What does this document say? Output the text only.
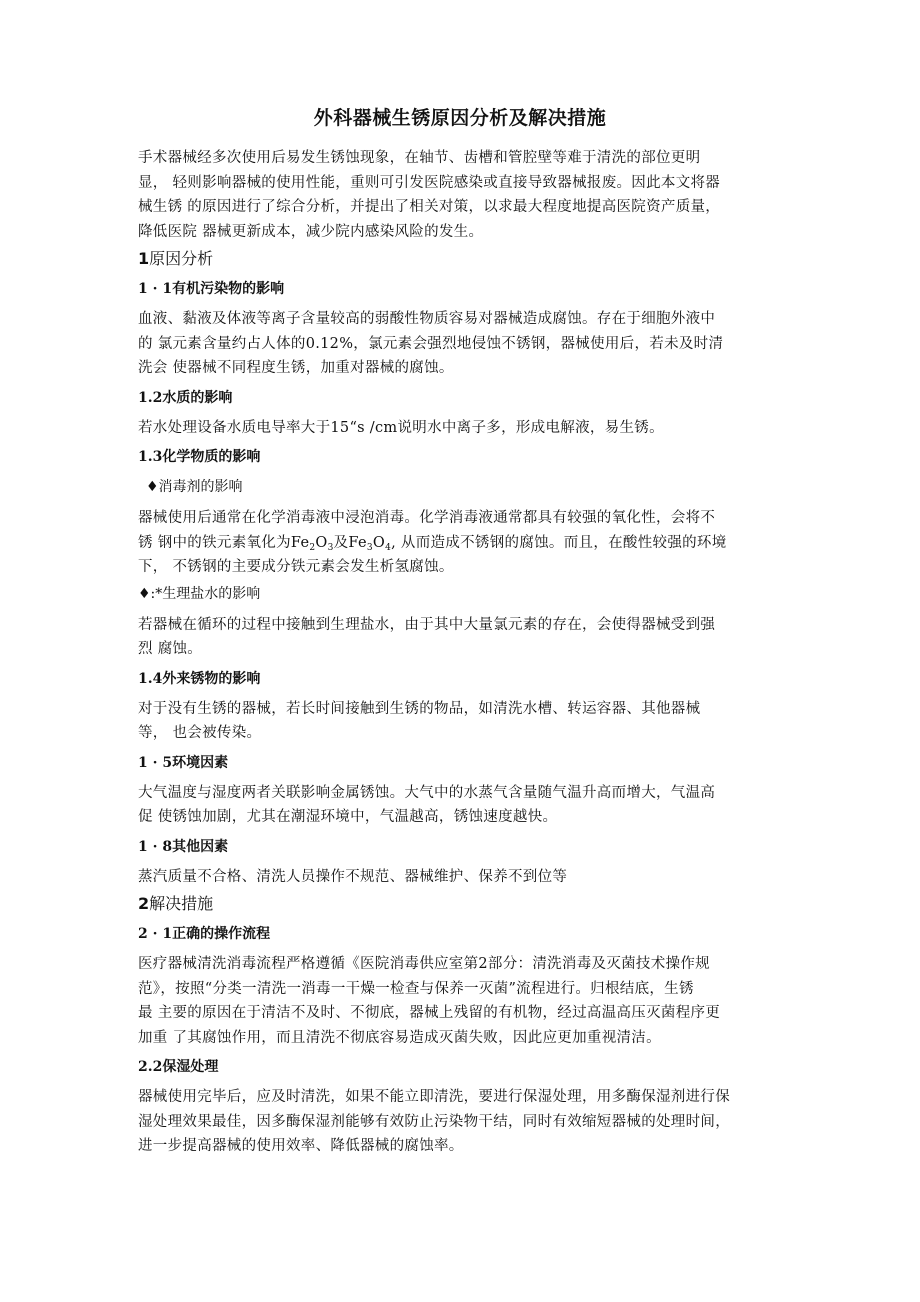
外科器械生锈原因分析及解决措施

手术器械经多次使用后易发生锈蚀现象，在轴节、齿槽和管腔壁等难于清洗的部位更明
显， 轻则影响器械的使用性能，重则可引发医院感染或直接导致器械报废。因此本文将器
械生锈 的原因进行了综合分析，并提出了相关对策，以求最大程度地提高医院资产质量，
降低医院 器械更新成本，减少院内感染风险的发生。

1原因分析
1 · 1有机污染物的影响

血液、黏液及体液等离子含量较高的弱酸性物质容易对器械造成腐蚀。存在于细胞外液中
的 氯元素含量约占人体的0.12%，氯元素会强烈地侵蚀不锈钢，器械使用后，若未及时清
洗会 使器械不同程度生锈，加重对器械的腐蚀。

1.2水质的影响

若水处理设备水质电导率大于15“s /cm说明水中离子多，形成电解液，易生锈。

1.3化学物质的影响
♦消毒剂的影响

器械使用后通常在化学消毒液中浸泡消毒。化学消毒液通常都具有较强的氧化性，会将不
锈 钢中的铁元素氧化为$Fe_2O_3$及$Fe_3O_4$, 从而造成不锈钢的腐蚀。而且，在酸性较强的环境
下， 不锈钢的主要成分铁元素会发生析氢腐蚀。

♦:*生理盐水的影响

若器械在循环的过程中接触到生理盐水，由于其中大量氯元素的存在，会使得器械受到强
烈 腐蚀。

1.4外来锈物的影响

对于没有生锈的器械，若长时间接触到生锈的物品，如清洗水槽、转运容器、其他器械
等， 也会被传染。

1 · 5环境因素

大气温度与湿度两者关联影响金属锈蚀。大气中的水蒸气含量随气温升高而增大，气温高
促 使锈蚀加剧，尤其在潮湿环境中，气温越高，锈蚀速度越快。

1 · 8其他因素

蒸汽质量不合格、清洗人员操作不规范、器械维护、保养不到位等

2解决措施
2 · 1正确的操作流程

医疗器械清洗消毒流程严格遵循《医院消毒供应室第2部分：清洗消毒及灭菌技术操作规
范》，按照“分类一清洗一消毒一干燥一检查与保养一灭菌”流程进行。归根结底，生锈
最 主要的原因在于清洁不及时、不彻底，器械上残留的有机物，经过高温高压灭菌程序更
加重 了其腐蚀作用，而且清洗不彻底容易造成灭菌失败，因此应更加重视清洁。

2.2保湿处理

器械使用完毕后，应及时清洗，如果不能立即清洗，要进行保湿处理，用多酶保湿剂进行保
湿处理效果最佳，因多酶保湿剂能够有效防止污染物干结，同时有效缩短器械的处理时间，
进一步提高器械的使用效率、降低器械的腐蚀率。
